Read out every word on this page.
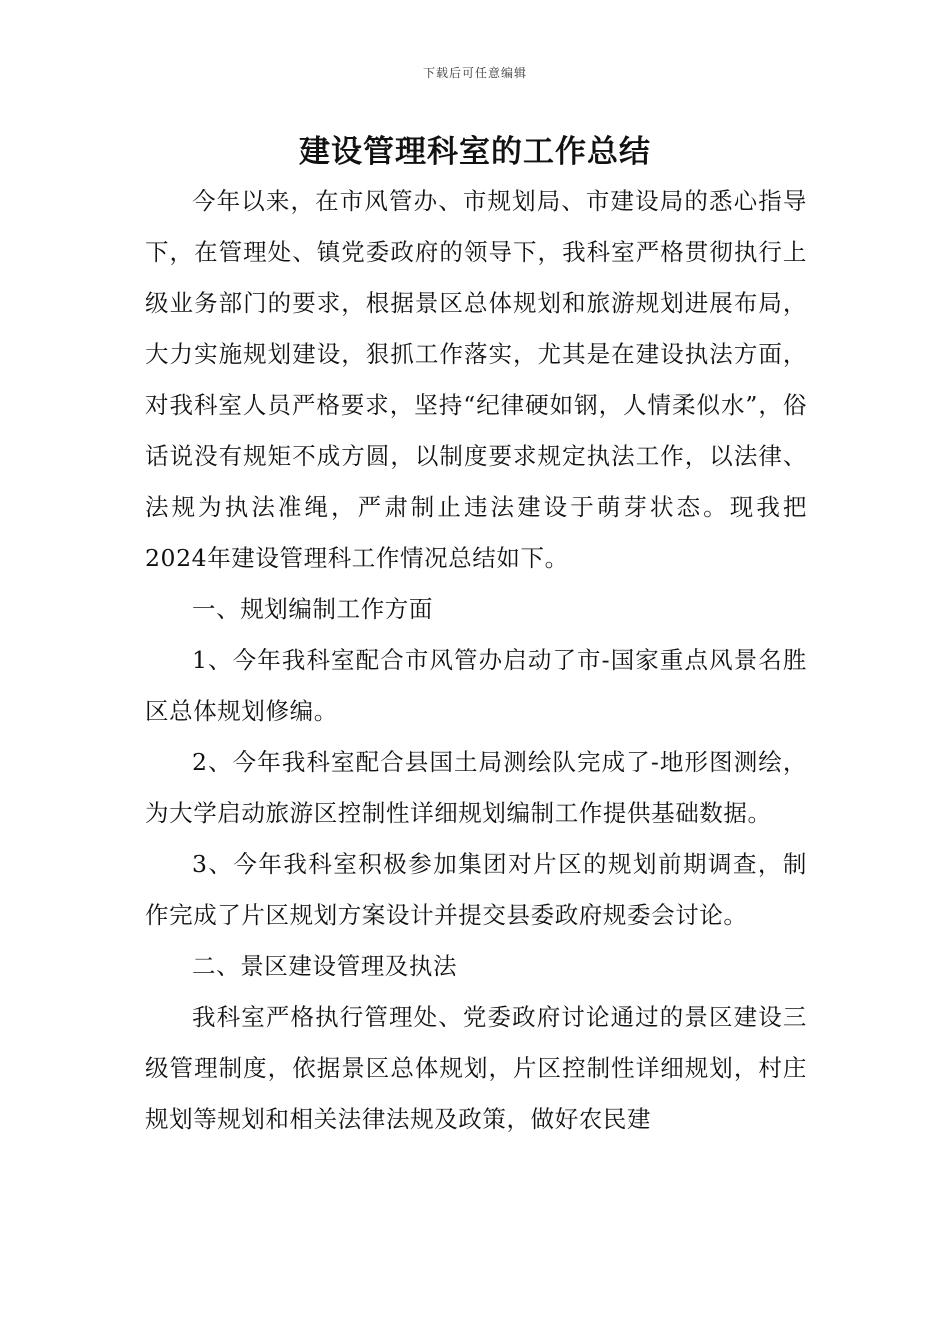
下载后可任意编辑
建设管理科室的工作总结

今年以来，在市风管办、市规划局、市建设局的悉心指导下，在管理处、镇党委政府的领导下，我科室严格贯彻执行上级业务部门的要求，根据景区总体规划和旅游规划进展布局，大力实施规划建设，狠抓工作落实，尤其是在建设执法方面，对我科室人员严格要求，坚持“纪律硬如钢，人情柔似水”，俗话说没有规矩不成方圆，以制度要求规定执法工作，以法律、法规为执法准绳，严肃制止违法建设于萌芽状态。现我把2024年建设管理科工作情况总结如下。

一、规划编制工作方面

1、今年我科室配合市风管办启动了市-国家重点风景名胜区总体规划修编。

2、今年我科室配合县国土局测绘队完成了-地形图测绘，为大学启动旅游区控制性详细规划编制工作提供基础数据。

3、今年我科室积极参加集团对片区的规划前期调查，制作完成了片区规划方案设计并提交县委政府规委会讨论。

二、景区建设管理及执法

我科室严格执行管理处、党委政府讨论通过的景区建设三级管理制度，依据景区总体规划，片区控制性详细规划，村庄规划等规划和相关法律法规及政策，做好农民建
